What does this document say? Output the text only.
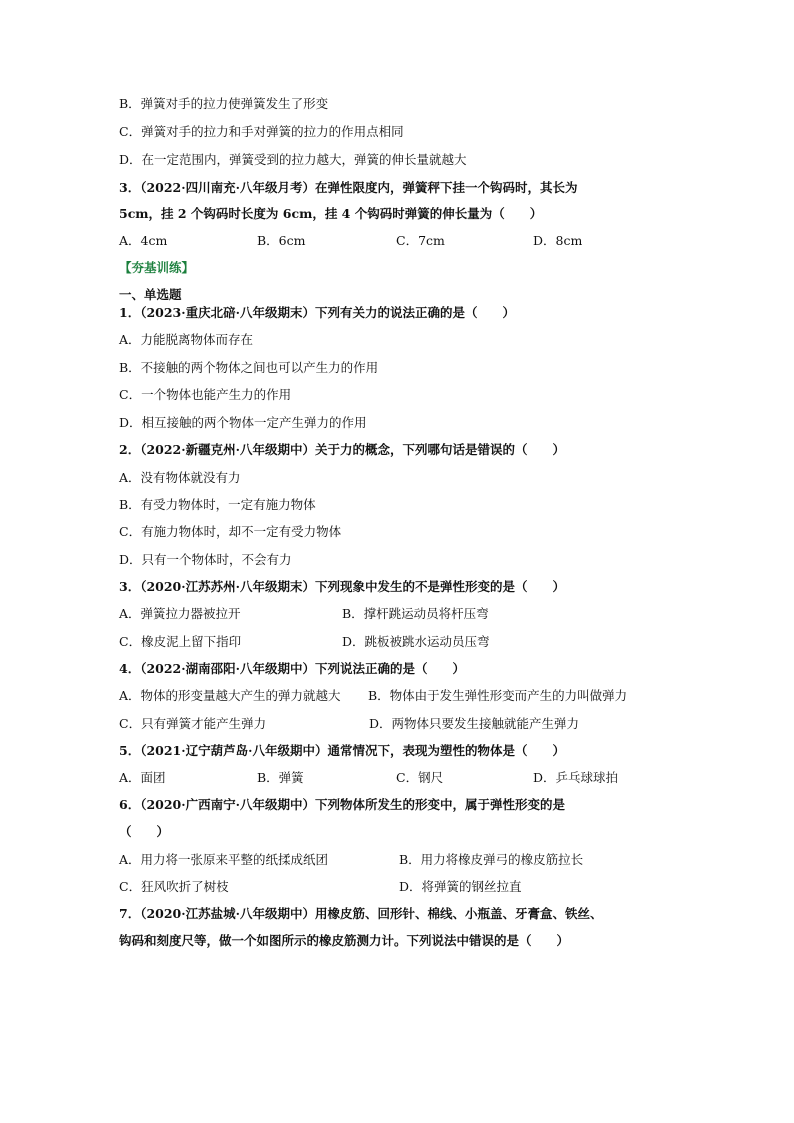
B．弹簧对手的拉力使弹簧发生了形变
C．弹簧对手的拉力和手对弹簧的拉力的作用点相同
D．在一定范围内，弹簧受到的拉力越大，弹簧的伸长量就越大
3．（2022·四川南充·八年级月考）在弹性限度内，弹簧秤下挂一个钩码时，其长为
5cm，挂 2 个钩码时长度为 6cm，挂 4 个钩码时弹簧的伸长量为（　　）
A．4cm	B．6cm	C．7cm	D．8cm
【夯基训练】
一、单选题
1．（2023·重庆北碚·八年级期末）下列有关力的说法正确的是（　　）
A．力能脱离物体而存在
B．不接触的两个物体之间也可以产生力的作用
C．一个物体也能产生力的作用
D．相互接触的两个物体一定产生弹力的作用
2．（2022·新疆克州·八年级期中）关于力的概念，下列哪句话是错误的（　　）
A．没有物体就没有力
B．有受力物体时，一定有施力物体
C．有施力物体时，却不一定有受力物体
D．只有一个物体时，不会有力
3．（2020·江苏苏州·八年级期末）下列现象中发生的不是弹性形变的是（　　）
A．弹簧拉力器被拉开	B．撑杆跳运动员将杆压弯
C．橡皮泥上留下指印	D．跳板被跳水运动员压弯
4．（2022·湖南邵阳·八年级期中）下列说法正确的是（　　）
A．物体的形变量越大产生的弹力就越大 B．物体由于发生弹性形变而产生的力叫做弹力
C．只有弹簧才能产生弹力	D．两物体只要发生接触就能产生弹力
5．（2021·辽宁葫芦岛·八年级期中）通常情况下，表现为塑性的物体是（　　）
A．面团	B．弹簧	C．钢尺	D．乒乓球球拍
6．（2020·广西南宁·八年级期中）下列物体所发生的形变中，属于弹性形变的是
（　　）
A．用力将一张原来平整的纸揉成纸团	B．用力将橡皮弹弓的橡皮筋拉长
C．狂风吹折了树枝	D．将弹簧的钢丝拉直
7．（2020·江苏盐城·八年级期中）用橡皮筋、回形针、棉线、小瓶盖、牙膏盒、铁丝、
钩码和刻度尺等，做一个如图所示的橡皮筋测力计。下列说法中错误的是（　　）
